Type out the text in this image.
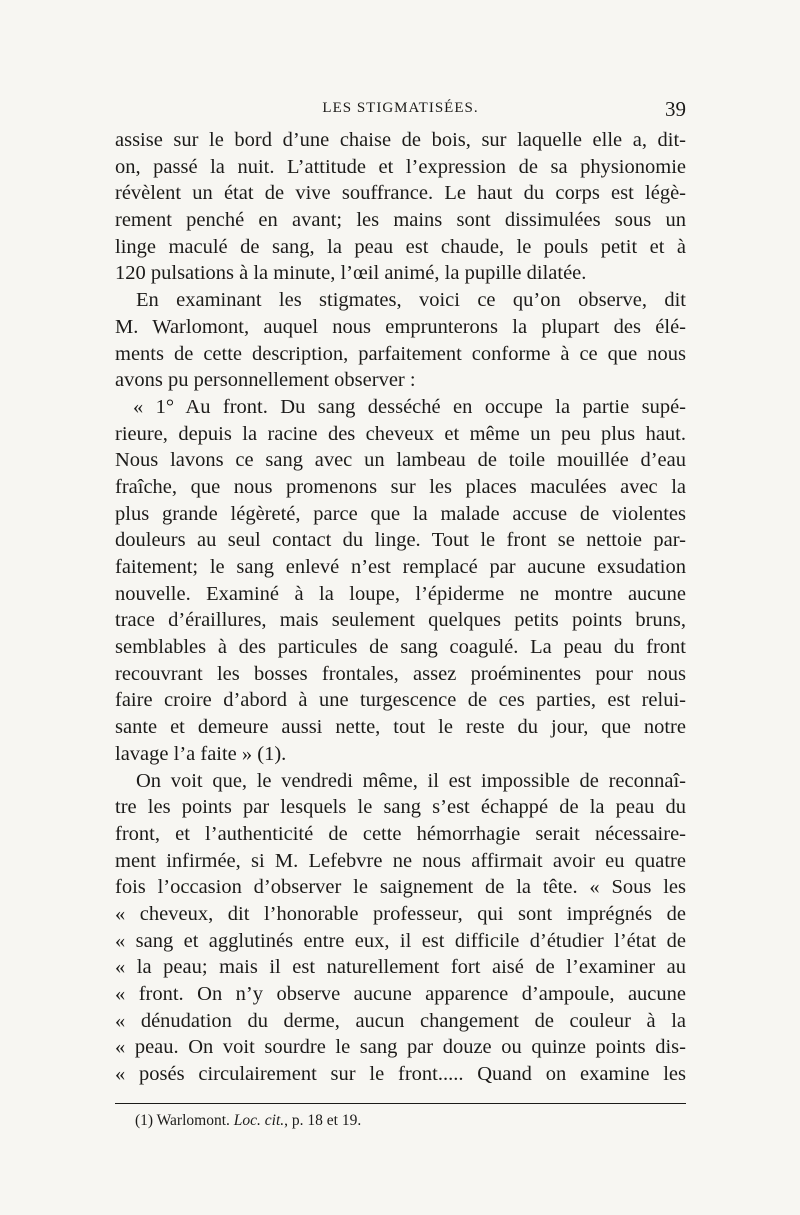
LES STIGMATISÉES.	39
assise sur le bord d’une chaise de bois, sur laquelle elle a, dit-
on, passé la nuit. L’attitude et l’expression de sa physionomie
révèlent un état de vive souffrance. Le haut du corps est légè-
rement penché en avant; les mains sont dissimulées sous un
linge maculé de sang, la peau est chaude, le pouls petit et à
120 pulsations à la minute, l’œil animé, la pupille dilatée.
En examinant les stigmates, voici ce qu’on observe, dit
M. Warlomont, auquel nous emprunterons la plupart des élé-
ments de cette description, parfaitement conforme à ce que nous
avons pu personnellement observer :
« 1° Au front. Du sang desséché en occupe la partie supé-
rieure, depuis la racine des cheveux et même un peu plus haut.
Nous lavons ce sang avec un lambeau de toile mouillée d’eau
fraîche, que nous promenons sur les places maculées avec la
plus grande légèreté, parce que la malade accuse de violentes
douleurs au seul contact du linge. Tout le front se nettoie par-
faitement; le sang enlevé n’est remplacé par aucune exsudation
nouvelle. Examiné à la loupe, l’épiderme ne montre aucune
trace d’éraillures, mais seulement quelques petits points bruns,
semblables à des particules de sang coagulé. La peau du front
recouvrant les bosses frontales, assez proéminentes pour nous
faire croire d’abord à une turgescence de ces parties, est relui-
sante et demeure aussi nette, tout le reste du jour, que notre
lavage l’a faite » (1).
On voit que, le vendredi même, il est impossible de reconnaî-
tre les points par lesquels le sang s’est échappé de la peau du
front, et l’authenticité de cette hémorrhagie serait nécessaire-
ment infirmée, si M. Lefebvre ne nous affirmait avoir eu quatre
fois l’occasion d’observer le saignement de la tête. « Sous les
« cheveux, dit l’honorable professeur, qui sont imprégnés de
« sang et agglutinés entre eux, il est difficile d’étudier l’état de
« la peau; mais il est naturellement fort aisé de l’examiner au
« front. On n’y observe aucune apparence d’ampoule, aucune
« dénudation du derme, aucun changement de couleur à la
« peau. On voit sourdre le sang par douze ou quinze points dis-
« posés circulairement sur le front..... Quand on examine les
(1) Warlomont. Loc. cit., p. 18 et 19.
